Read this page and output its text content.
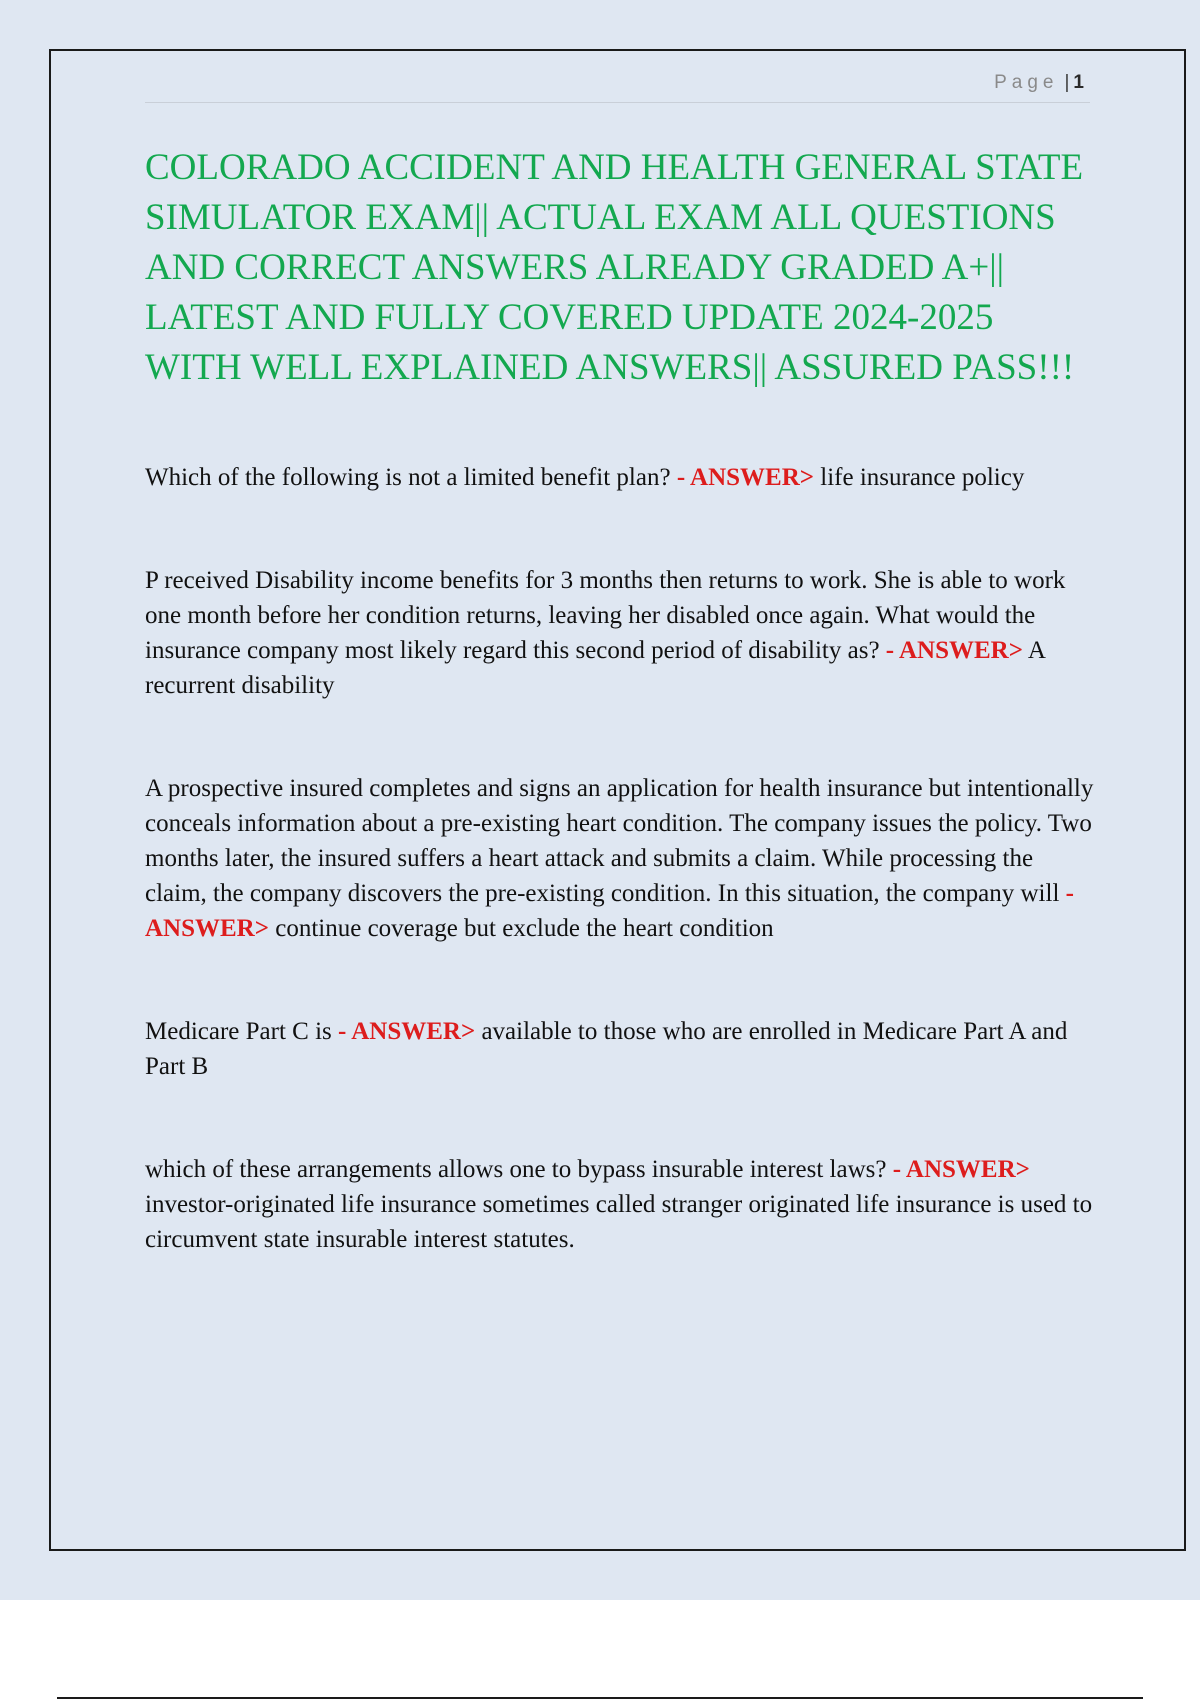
Page | 1
COLORADO ACCIDENT AND HEALTH GENERAL STATE SIMULATOR EXAM|| ACTUAL EXAM ALL QUESTIONS AND CORRECT ANSWERS ALREADY GRADED A+|| LATEST AND FULLY COVERED UPDATE 2024-2025 WITH WELL EXPLAINED ANSWERS|| ASSURED PASS!!!

Which of the following is not a limited benefit plan? - ANSWER> life insurance policy

P received Disability income benefits for 3 months then returns to work. She is able to work one month before her condition returns, leaving her disabled once again. What would the insurance company most likely regard this second period of disability as? - ANSWER> A recurrent disability

A prospective insured completes and signs an application for health insurance but intentionally conceals information about a pre-existing heart condition. The company issues the policy. Two months later, the insured suffers a heart attack and submits a claim. While processing the claim, the company discovers the pre-existing condition. In this situation, the company will - ANSWER> continue coverage but exclude the heart condition

Medicare Part C is - ANSWER> available to those who are enrolled in Medicare Part A and Part B

which of these arrangements allows one to bypass insurable interest laws? - ANSWER> investor-originated life insurance sometimes called stranger originated life insurance is used to circumvent state insurable interest statutes.
